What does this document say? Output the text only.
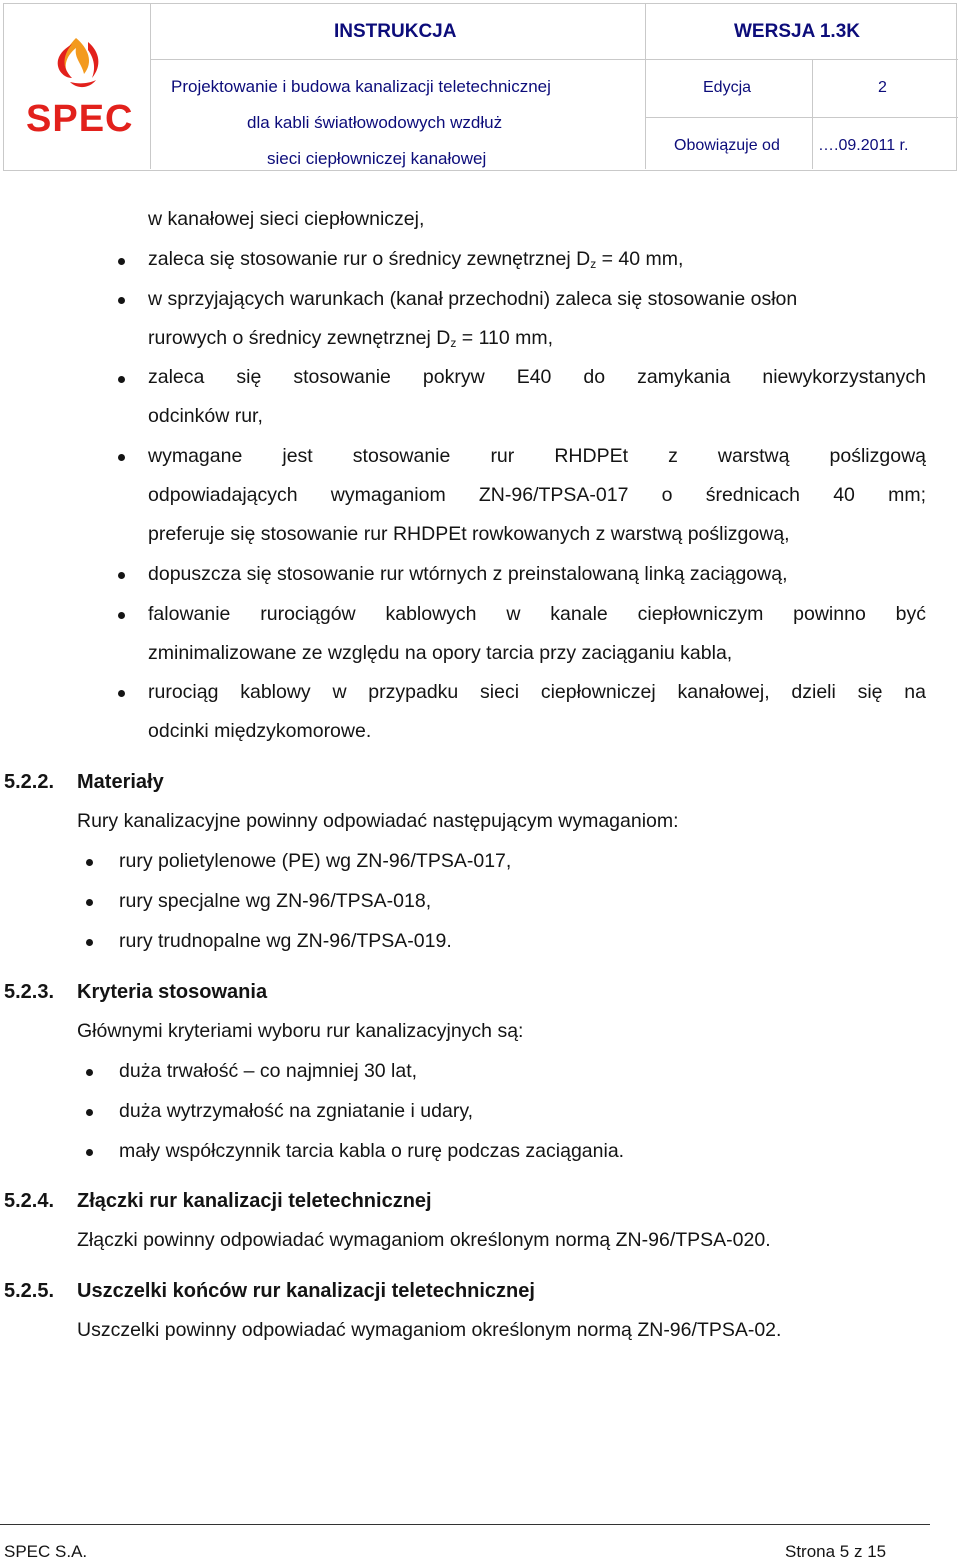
SPEC
INSTRUKCJA	WERSJA 1.3K
Projektowanie i budowa kanalizacji teletechnicznej
dla kabli światłowodowych wzdłuż
sieci ciepłowniczej kanałowej
Edycja	2
Obowiązuje od ….09.2011 r.
w kanałowej sieci ciepłowniczej,
zaleca się stosowanie rur o średnicy zewnętrznej $D_z = 40$ mm,
w sprzyjających warunkach (kanał przechodni) zaleca się stosowanie osłon
rurowych o średnicy zewnętrznej $D_z = 110$ mm,
zaleca się stosowanie pokryw E40 do zamykania niewykorzystanych
odcinków rur,
wymagane jest stosowanie rur RHDPEt z warstwą poślizgową
odpowiadających wymaganiom ZN-96/TPSA-017 o średnicach 40 mm;
preferuje się stosowanie rur RHDPEt rowkowanych z warstwą poślizgową,
dopuszcza się stosowanie rur wtórnych z preinstalowaną linką zaciągową,
falowanie rurociągów kablowych w kanale ciepłowniczym powinno być
zminimalizowane ze względu na opory tarcia przy zaciąganiu kabla,
rurociąg kablowy w przypadku sieci ciepłowniczej kanałowej, dzieli się na
odcinki międzykomorowe.
5.2.2. Materiały
Rury kanalizacyjne powinny odpowiadać następującym wymaganiom:
rury polietylenowe (PE) wg ZN-96/TPSA-017,
rury specjalne wg ZN-96/TPSA-018,
rury trudnopalne wg ZN-96/TPSA-019.
5.2.3. Kryteria stosowania
Głównymi kryteriami wyboru rur kanalizacyjnych są:
duża trwałość – co najmniej 30 lat,
duża wytrzymałość na zgniatanie i udary,
mały współczynnik tarcia kabla o rurę podczas zaciągania.
5.2.4. Złączki rur kanalizacji teletechnicznej
Złączki powinny odpowiadać wymaganiom określonym normą ZN-96/TPSA-020.
5.2.5. Uszczelki końców rur kanalizacji teletechnicznej
Uszczelki powinny odpowiadać wymaganiom określonym normą ZN-96/TPSA-02.
SPEC S.A.	Strona 5 z 15
